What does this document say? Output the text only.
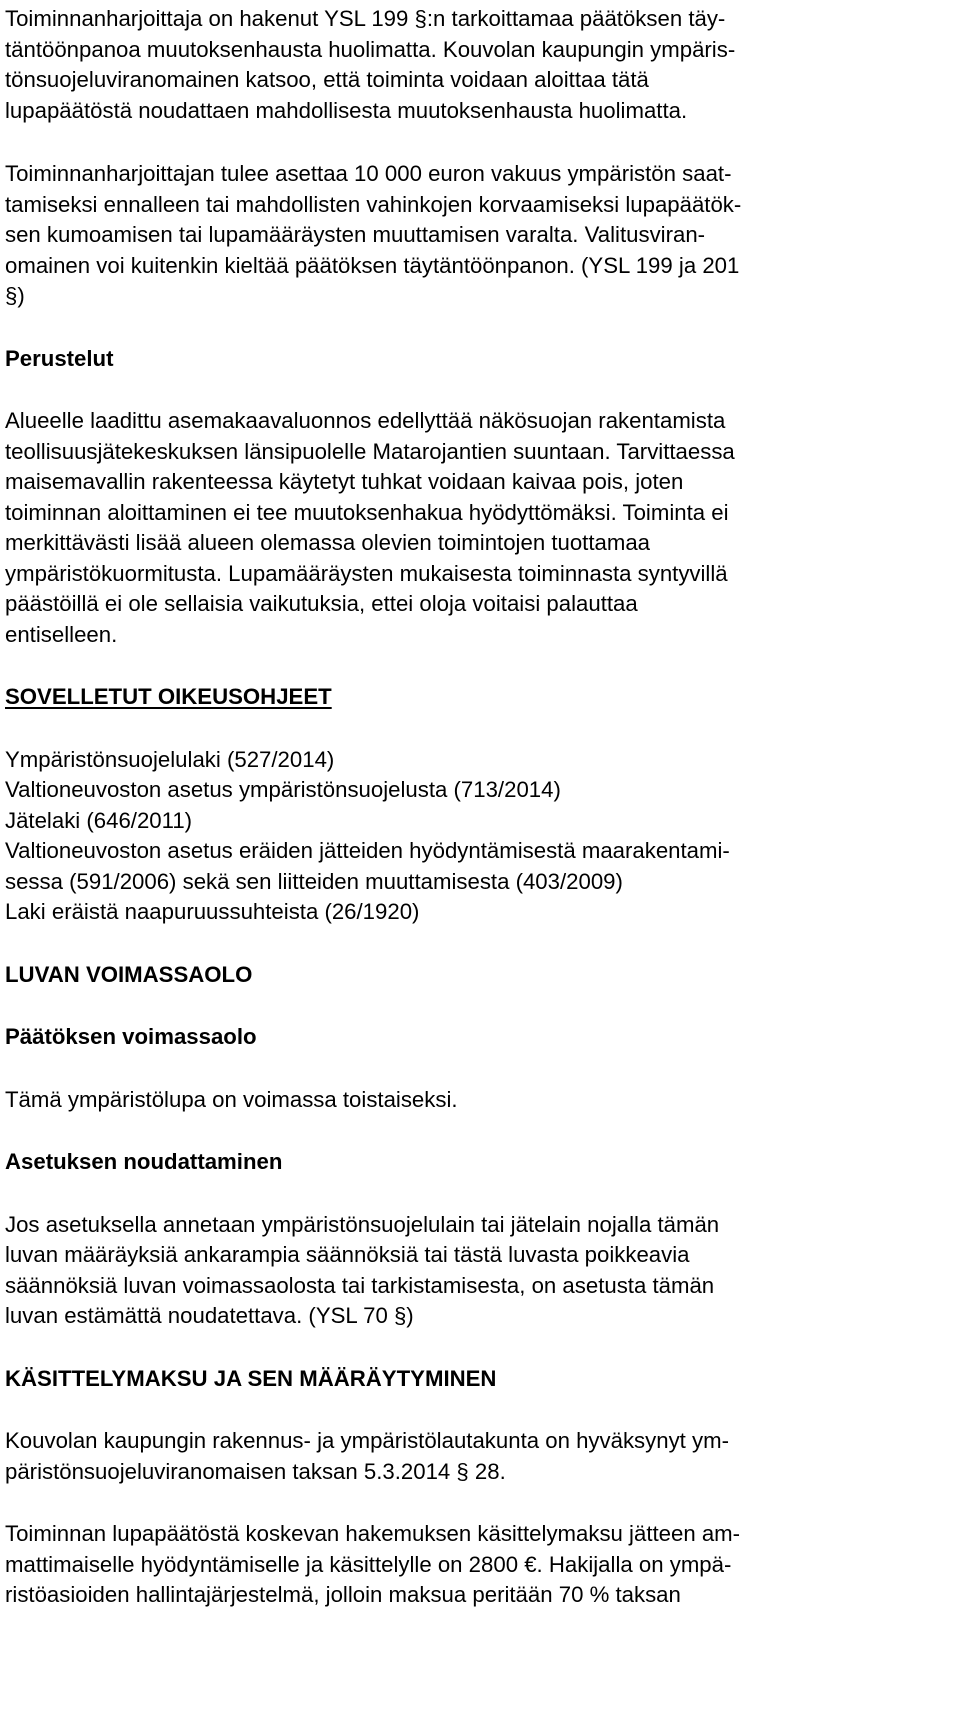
Toiminnanharjoittaja on hakenut YSL 199 §:n tarkoittamaa päätöksen täy-
täntöönpanoa muutoksenhausta huolimatta. Kouvolan kaupungin ympäris-
tönsuojeluviranomainen katsoo, että toiminta voidaan aloittaa tätä
lupapäätöstä noudattaen mahdollisesta muutoksenhausta huolimatta.

Toiminnanharjoittajan tulee asettaa 10 000 euron vakuus ympäristön saat-
tamiseksi ennalleen tai mahdollisten vahinkojen korvaamiseksi lupapäätök-
sen kumoamisen tai lupamääräysten muuttamisen varalta. Valitusviran-
omainen voi kuitenkin kieltää päätöksen täytäntöönpanon. (YSL 199 ja 201
§)

Perustelut

Alueelle laadittu asemakaavaluonnos edellyttää näkösuojan rakentamista
teollisuusjätekeskuksen länsipuolelle Matarojantien suuntaan. Tarvittaessa
maisemavallin rakenteessa käytetyt tuhkat voidaan kaivaa pois, joten
toiminnan aloittaminen ei tee muutoksenhakua hyödyttömäksi. Toiminta ei
merkittävästi lisää alueen olemassa olevien toimintojen tuottamaa
ympäristökuormitusta. Lupamääräysten mukaisesta toiminnasta syntyvillä
päästöillä ei ole sellaisia vaikutuksia, ettei oloja voitaisi palauttaa
entiselleen.

SOVELLETUT OIKEUSOHJEET

Ympäristönsuojelulaki (527/2014)
Valtioneuvoston asetus ympäristönsuojelusta (713/2014)
Jätelaki (646/2011)
Valtioneuvoston asetus eräiden jätteiden hyödyntämisestä maarakentami-
sessa (591/2006) sekä sen liitteiden muuttamisesta (403/2009)
Laki eräistä naapuruussuhteista (26/1920)

LUVAN VOIMASSAOLO
Päätöksen voimassaolo

Tämä ympäristölupa on voimassa toistaiseksi.

Asetuksen noudattaminen

Jos asetuksella annetaan ympäristönsuojelulain tai jätelain nojalla tämän
luvan määräyksiä ankarampia säännöksiä tai tästä luvasta poikkeavia
säännöksiä luvan voimassaolosta tai tarkistamisesta, on asetusta tämän
luvan estämättä noudatettava. (YSL 70 §)

KÄSITTELYMAKSU JA SEN MÄÄRÄYTYMINEN

Kouvolan kaupungin rakennus- ja ympäristölautakunta on hyväksynyt ym-
päristönsuojeluviranomaisen taksan 5.3.2014 § 28.

Toiminnan lupapäätöstä koskevan hakemuksen käsittelymaksu jätteen am-
mattimaiselle hyödyntämiselle ja käsittelylle on 2800 €. Hakijalla on ympä-
ristöasioiden hallintajärjestelmä, jolloin maksua peritään 70 % taksan
